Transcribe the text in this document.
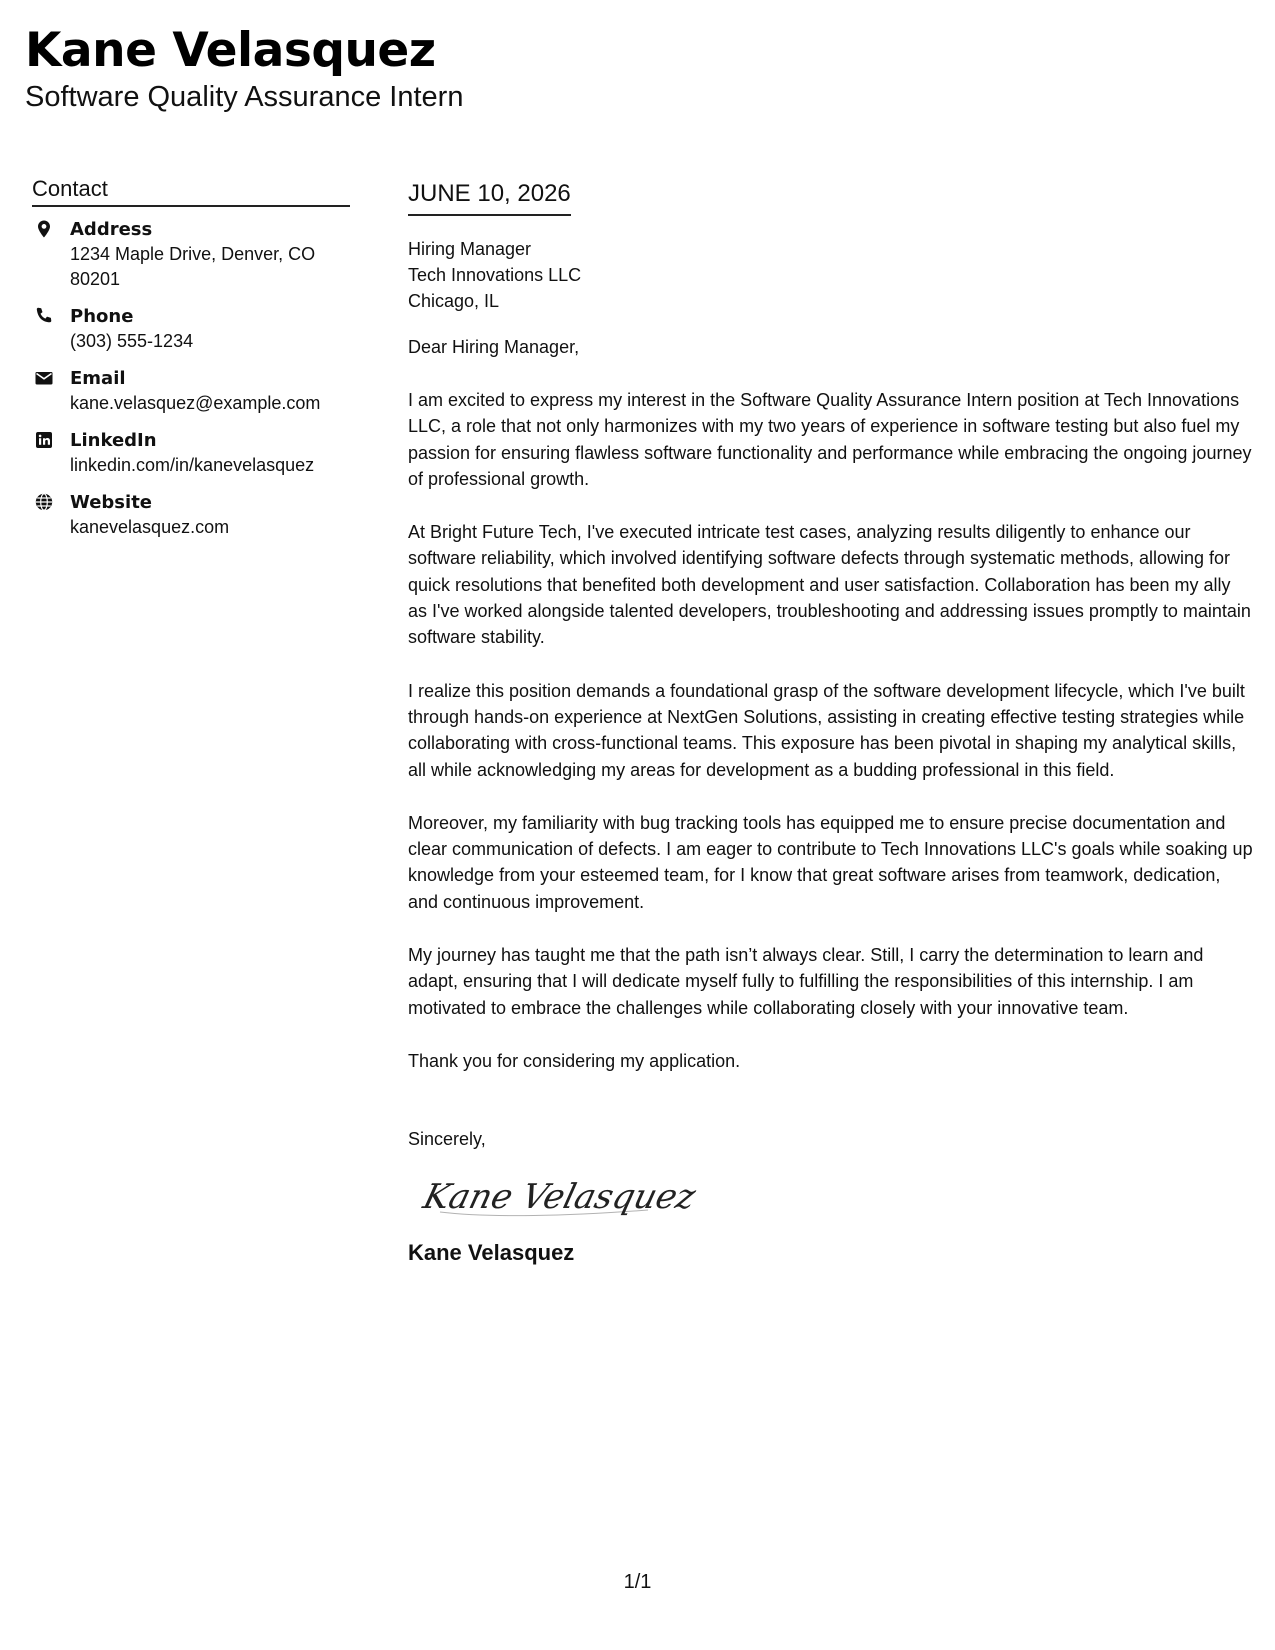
Kane Velasquez
Software Quality Assurance Intern
Contact
Address
1234 Maple Drive, Denver, CO 80201
Phone
(303) 555-1234
Email
kane.velasquez@example.com
LinkedIn
linkedin.com/in/kanevelasquez
Website
kanevelasquez.com
JUNE 10, 2026
Hiring Manager
Tech Innovations LLC
Chicago, IL
Dear Hiring Manager,
I am excited to express my interest in the Software Quality Assurance Intern position at Tech Innovations LLC, a role that not only harmonizes with my two years of experience in software testing but also fuel my passion for ensuring flawless software functionality and performance while embracing the ongoing journey of professional growth.
At Bright Future Tech, I've executed intricate test cases, analyzing results diligently to enhance our software reliability, which involved identifying software defects through systematic methods, allowing for quick resolutions that benefited both development and user satisfaction. Collaboration has been my ally as I've worked alongside talented developers, troubleshooting and addressing issues promptly to maintain software stability.
I realize this position demands a foundational grasp of the software development lifecycle, which I've built through hands-on experience at NextGen Solutions, assisting in creating effective testing strategies while collaborating with cross-functional teams. This exposure has been pivotal in shaping my analytical skills, all while acknowledging my areas for development as a budding professional in this field.
Moreover, my familiarity with bug tracking tools has equipped me to ensure precise documentation and clear communication of defects. I am eager to contribute to Tech Innovations LLC's goals while soaking up knowledge from your esteemed team, for I know that great software arises from teamwork, dedication, and continuous improvement.
My journey has taught me that the path isn’t always clear. Still, I carry the determination to learn and adapt, ensuring that I will dedicate myself fully to fulfilling the responsibilities of this internship. I am motivated to embrace the challenges while collaborating closely with your innovative team.
Thank you for considering my application.
Sincerely,
Kane Velasquez
Kane Velasquez
1/1
